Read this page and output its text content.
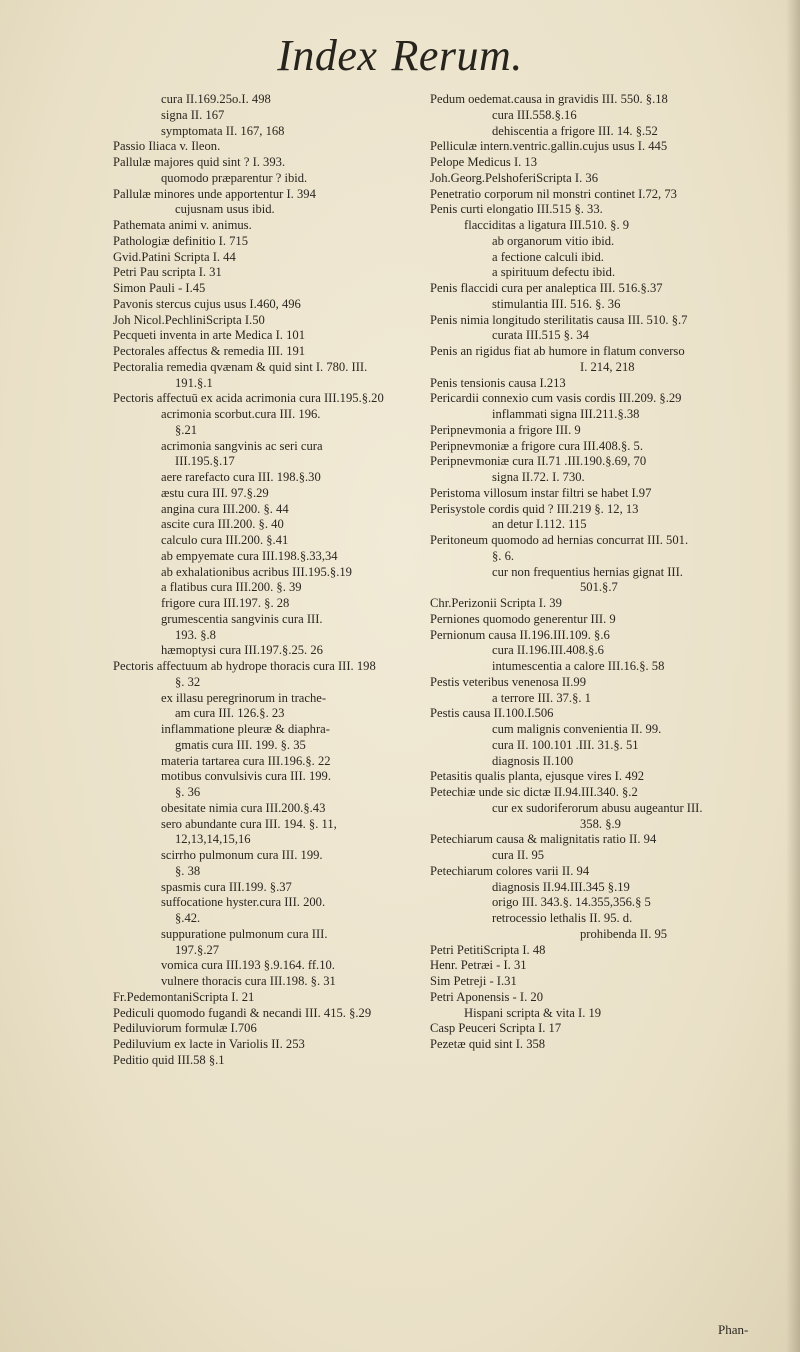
Index Rerum.
cura II.169.25o.I. 498
signa II. 167
symptomata II. 167, 168
Passio Iliaca v. Ileon.
Pallulæ majores quid sint ? I. 393.
quomodo præparentur ? ibid.
Pallulæ minores unde apportentur I. 394
cujusnam usus ibid.
Pathemata animi v. animus.
Pathologiæ definitio I. 715
Gvid.Patini Scripta I. 44
Petri Pau scripta I. 31
Simon Pauli - I.45
Pavonis stercus cujus usus I.460, 496
Joh Nicol.PechliniScripta I.50
Pecqueti inventa in arte Medica I. 101
Pectorales affectus & remedia III. 191
Pectoralia remedia qvænam & quid sint I. 780. III.
191.§.1
Pectoris affectuū ex acida acrimonia cura III.195.§.20
acrimonia scorbut.cura III. 196.
§.21
acrimonia sangvinis ac seri cura
III.195.§.17
aere rarefacto cura III. 198.§.30
æstu cura III. 97.§.29
angina cura III.200. §. 44
ascite cura III.200. §. 40
calculo cura III.200. §.41
ab empyemate cura III.198.§.33,34
ab exhalationibus acribus III.195.§.19
a flatibus cura III.200. §. 39
frigore cura III.197. §. 28
grumescentia sangvinis cura III.
193. §.8
hæmoptysi cura III.197.§.25. 26
Pectoris affectuum ab hydrope thoracis cura III. 198
§. 32
ex illasu peregrinorum in trache-
am cura III. 126.§. 23
inflammatione pleuræ & diaphra-
gmatis cura III. 199. §. 35
materia tartarea cura III.196.§. 22
motibus convulsivis cura III. 199.
§. 36
obesitate nimia cura III.200.§.43
sero abundante cura III. 194. §. 11,
12,13,14,15,16
scirrho pulmonum cura III. 199.
§. 38
spasmis cura III.199. §.37
suffocatione hyster.cura III. 200.
§.42.
suppuratione pulmonum cura III.
197.§.27
vomica cura III.193 §.9.164. ff.10.
vulnere thoracis cura III.198. §. 31
Fr.PedemontaniScripta I. 21
Pediculi quomodo fugandi & necandi III. 415. §.29
Pediluviorum formulæ I.706
Pediluvium ex lacte in Variolis II. 253
Peditio quid III.58 §.1
Pedum oedemat.causa in gravidis III. 550. §.18
cura III.558.§.16
dehiscentia a frigore III. 14. §.52
Pelliculæ intern.ventric.gallin.cujus usus I. 445
Pelope Medicus I. 13
Joh.Georg.PelshoferiScripta I. 36
Penetratio corporum nil monstri continet I.72, 73
Penis curti elongatio III.515 §. 33.
flacciditas a ligatura III.510. §. 9
ab organorum vitio ibid.
a fectione calculi ibid.
a spirituum defectu ibid.
Penis flaccidi cura per analeptica III. 516.§.37
stimulantia III. 516. §. 36
Penis nimia longitudo sterilitatis causa III. 510. §.7
curata III.515 §. 34
Penis an rigidus fiat ab humore in flatum converso
I. 214, 218
Penis tensionis causa I.213
Pericardii connexio cum vasis cordis III.209. §.29
inflammati signa III.211.§.38
Peripnevmonia a frigore III. 9
Peripnevmoniæ a frigore cura III.408.§. 5.
Peripnevmoniæ cura II.71 .III.190.§.69, 70
signa II.72. I. 730.
Peristoma villosum instar filtri se habet I.97
Perisystole cordis quid ? III.219 §. 12, 13
an detur I.112. 115
Peritoneum quomodo ad hernias concurrat III. 501.
§. 6.
cur non frequentius hernias gignat III.
501.§.7
Chr.Perizonii Scripta I. 39
Perniones quomodo generentur III. 9
Pernionum causa II.196.III.109. §.6
cura II.196.III.408.§.6
intumescentia a calore III.16.§. 58
Pestis veteribus venenosa II.99
a terrore III. 37.§. 1
Pestis causa II.100.I.506
cum malignis convenientia II. 99.
cura II. 100.101 .III. 31.§. 51
diagnosis II.100
Petasitis qualis planta, ejusque vires I. 492
Petechiæ unde sic dictæ II.94.III.340. §.2
cur ex sudoriferorum abusu augeantur III.
358. §.9
Petechiarum causa & malignitatis ratio II. 94
cura II. 95
Petechiarum colores varii II. 94
diagnosis II.94.III.345 §.19
origo III. 343.§. 14.355,356.§ 5
retrocessio lethalis II. 95. d.
prohibenda II. 95
Petri PetitiScripta I. 48
Henr. Petræi - I. 31
Sim Petreji - I.31
Petri Aponensis - I. 20
Hispani scripta & vita I. 19
Casp Peuceri Scripta I. 17
Pezetæ quid sint I. 358
Phan-
